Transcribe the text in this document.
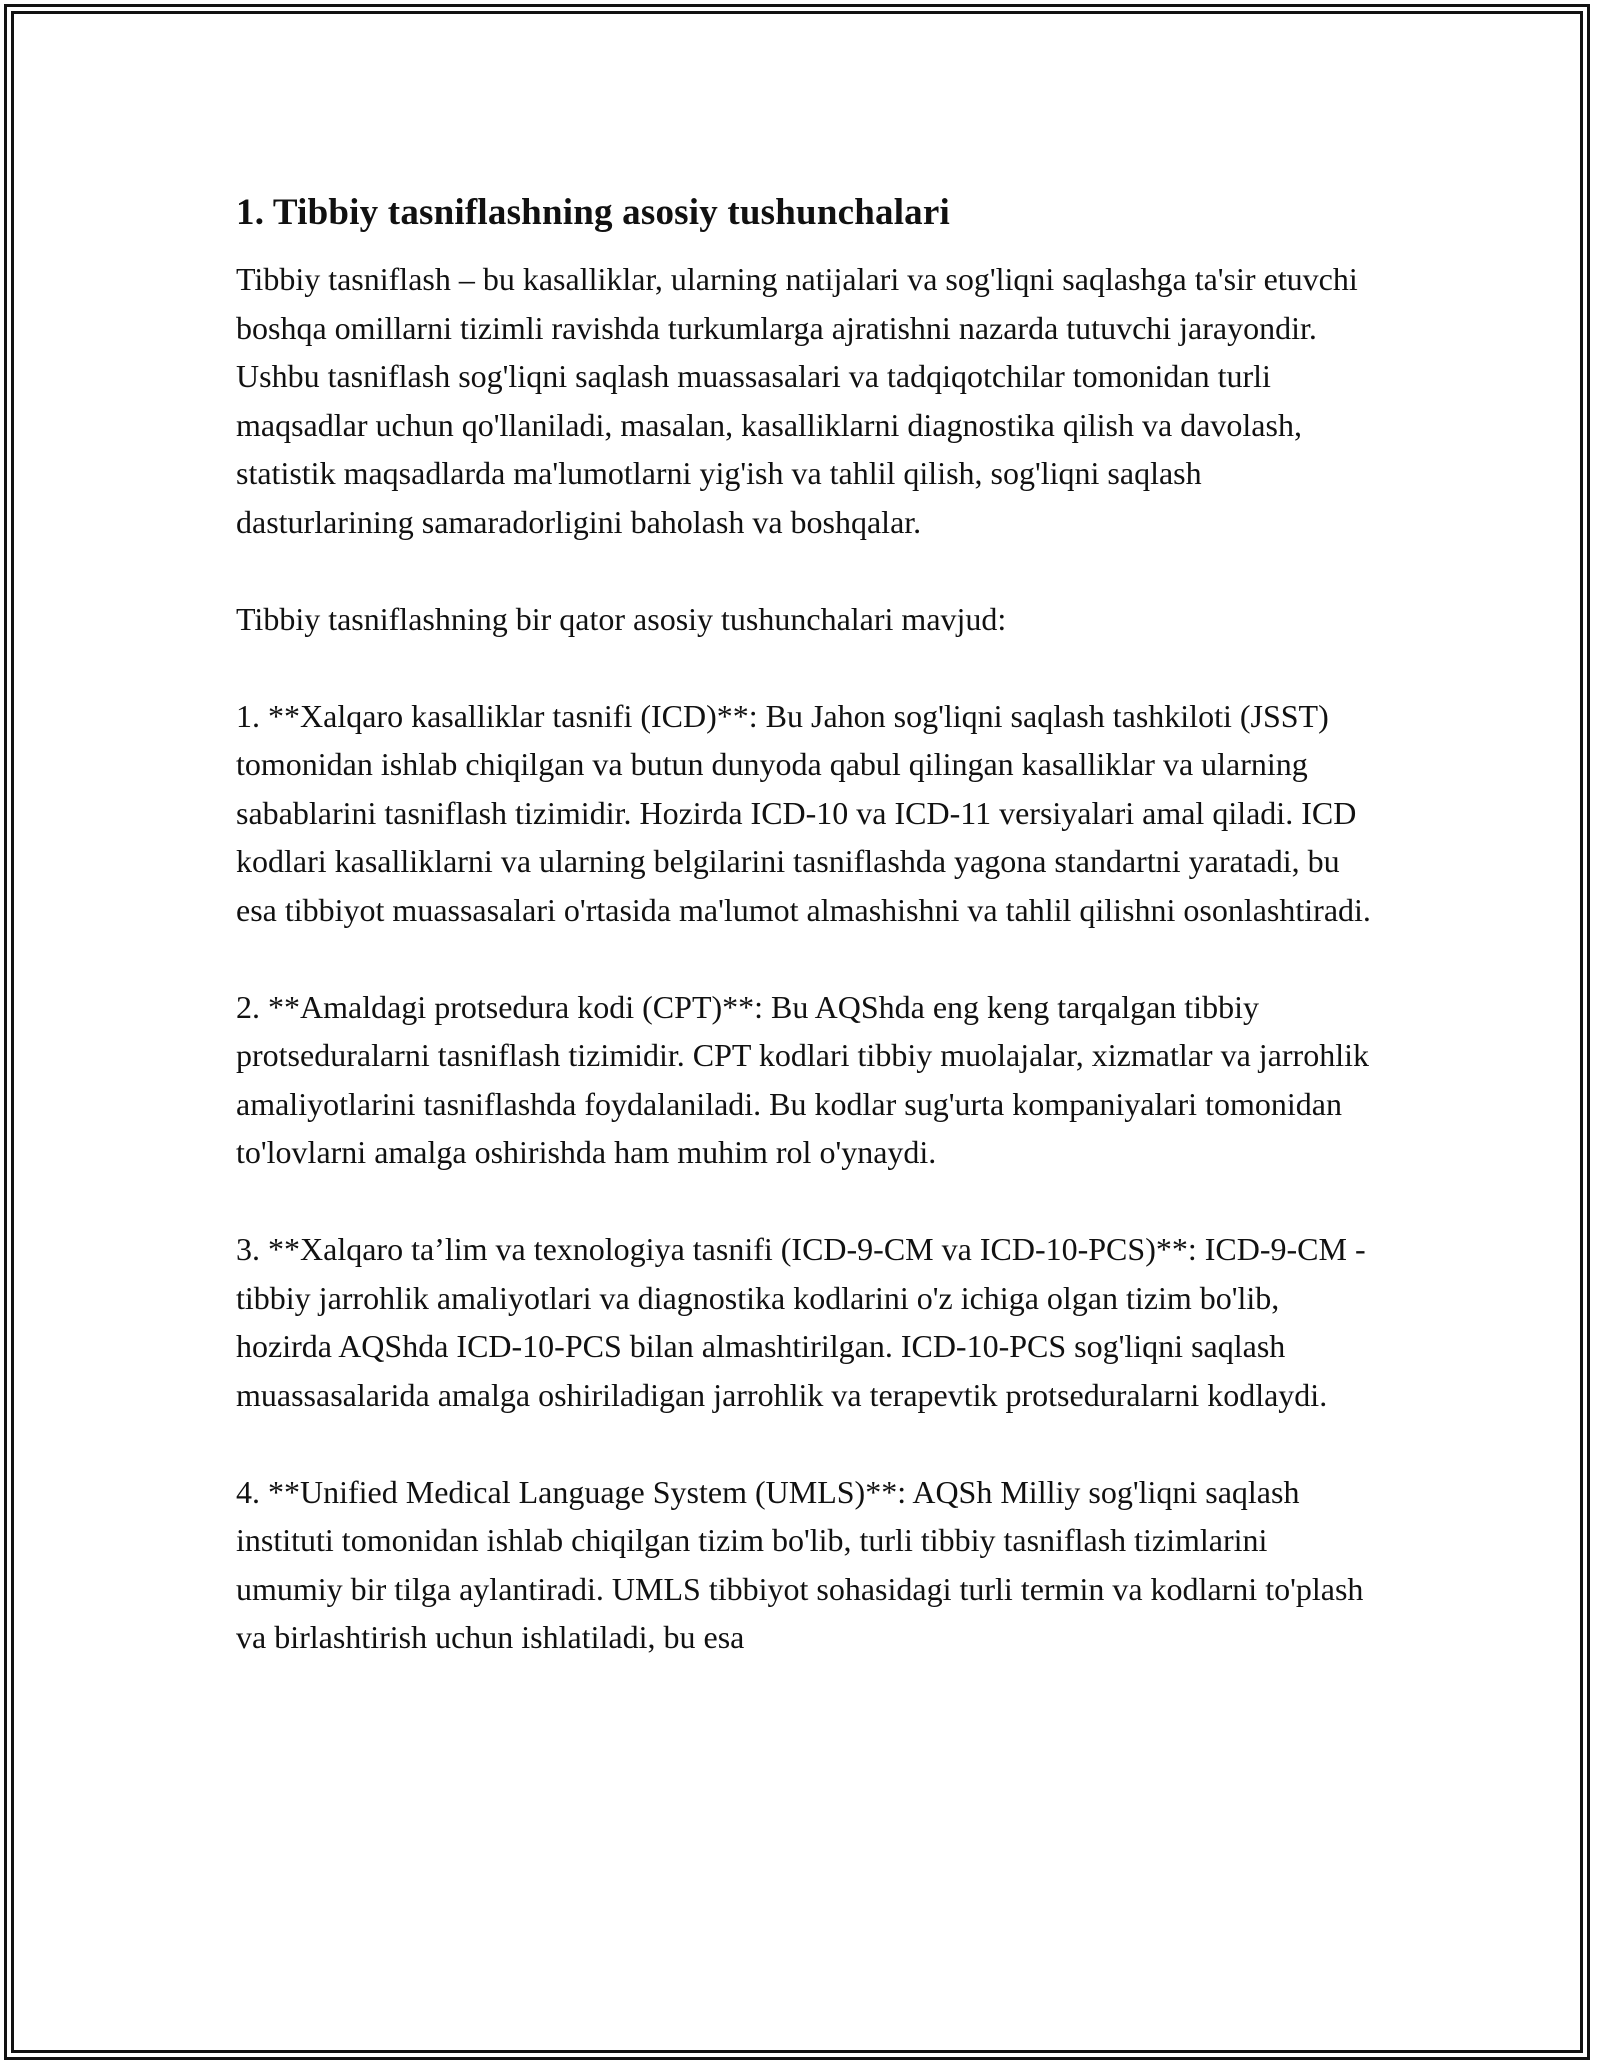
1. Tibbiy tasniflashning asosiy tushunchalari

Tibbiy tasniflash – bu kasalliklar, ularning natijalari va sog'liqni saqlashga ta'sir etuvchi boshqa omillarni tizimli ravishda turkumlarga ajratishni nazarda tutuvchi jarayondir. Ushbu tasniflash sog'liqni saqlash muassasalari va tadqiqotchilar tomonidan turli maqsadlar uchun qo'llaniladi, masalan, kasalliklarni diagnostika qilish va davolash, statistik maqsadlarda ma'lumotlarni yig'ish va tahlil qilish, sog'liqni saqlash dasturlarining samaradorligini baholash va boshqalar.

Tibbiy tasniflashning bir qator asosiy tushunchalari mavjud:

1. **Xalqaro kasalliklar tasnifi (ICD)**: Bu Jahon sog'liqni saqlash tashkiloti (JSST) tomonidan ishlab chiqilgan va butun dunyoda qabul qilingan kasalliklar va ularning sabablarini tasniflash tizimidir. Hozirda ICD-10 va ICD-11 versiyalari amal qiladi. ICD kodlari kasalliklarni va ularning belgilarini tasniflashda yagona standartni yaratadi, bu esa tibbiyot muassasalari o'rtasida ma'lumot almashishni va tahlil qilishni osonlashtiradi.

2. **Amaldagi protsedura kodi (CPT)**: Bu AQShda eng keng tarqalgan tibbiy protseduralarni tasniflash tizimidir. CPT kodlari tibbiy muolajalar, xizmatlar va jarrohlik amaliyotlarini tasniflashda foydalaniladi. Bu kodlar sug'urta kompaniyalari tomonidan to'lovlarni amalga oshirishda ham muhim rol o'ynaydi.

3. **Xalqaro ta’lim va texnologiya tasnifi (ICD-9-CM va ICD-10-PCS)**: ICD-9-CM - tibbiy jarrohlik amaliyotlari va diagnostika kodlarini o'z ichiga olgan tizim bo'lib, hozirda AQShda ICD-10-PCS bilan almashtirilgan. ICD-10-PCS sog'liqni saqlash muassasalarida amalga oshiriladigan jarrohlik va terapevtik protseduralarni kodlaydi.

4. **Unified Medical Language System (UMLS)**: AQSh Milliy sog'liqni saqlash instituti tomonidan ishlab chiqilgan tizim bo'lib, turli tibbiy tasniflash tizimlarini umumiy bir tilga aylantiradi. UMLS tibbiyot sohasidagi turli termin va kodlarni to'plash va birlashtirish uchun ishlatiladi, bu esa
